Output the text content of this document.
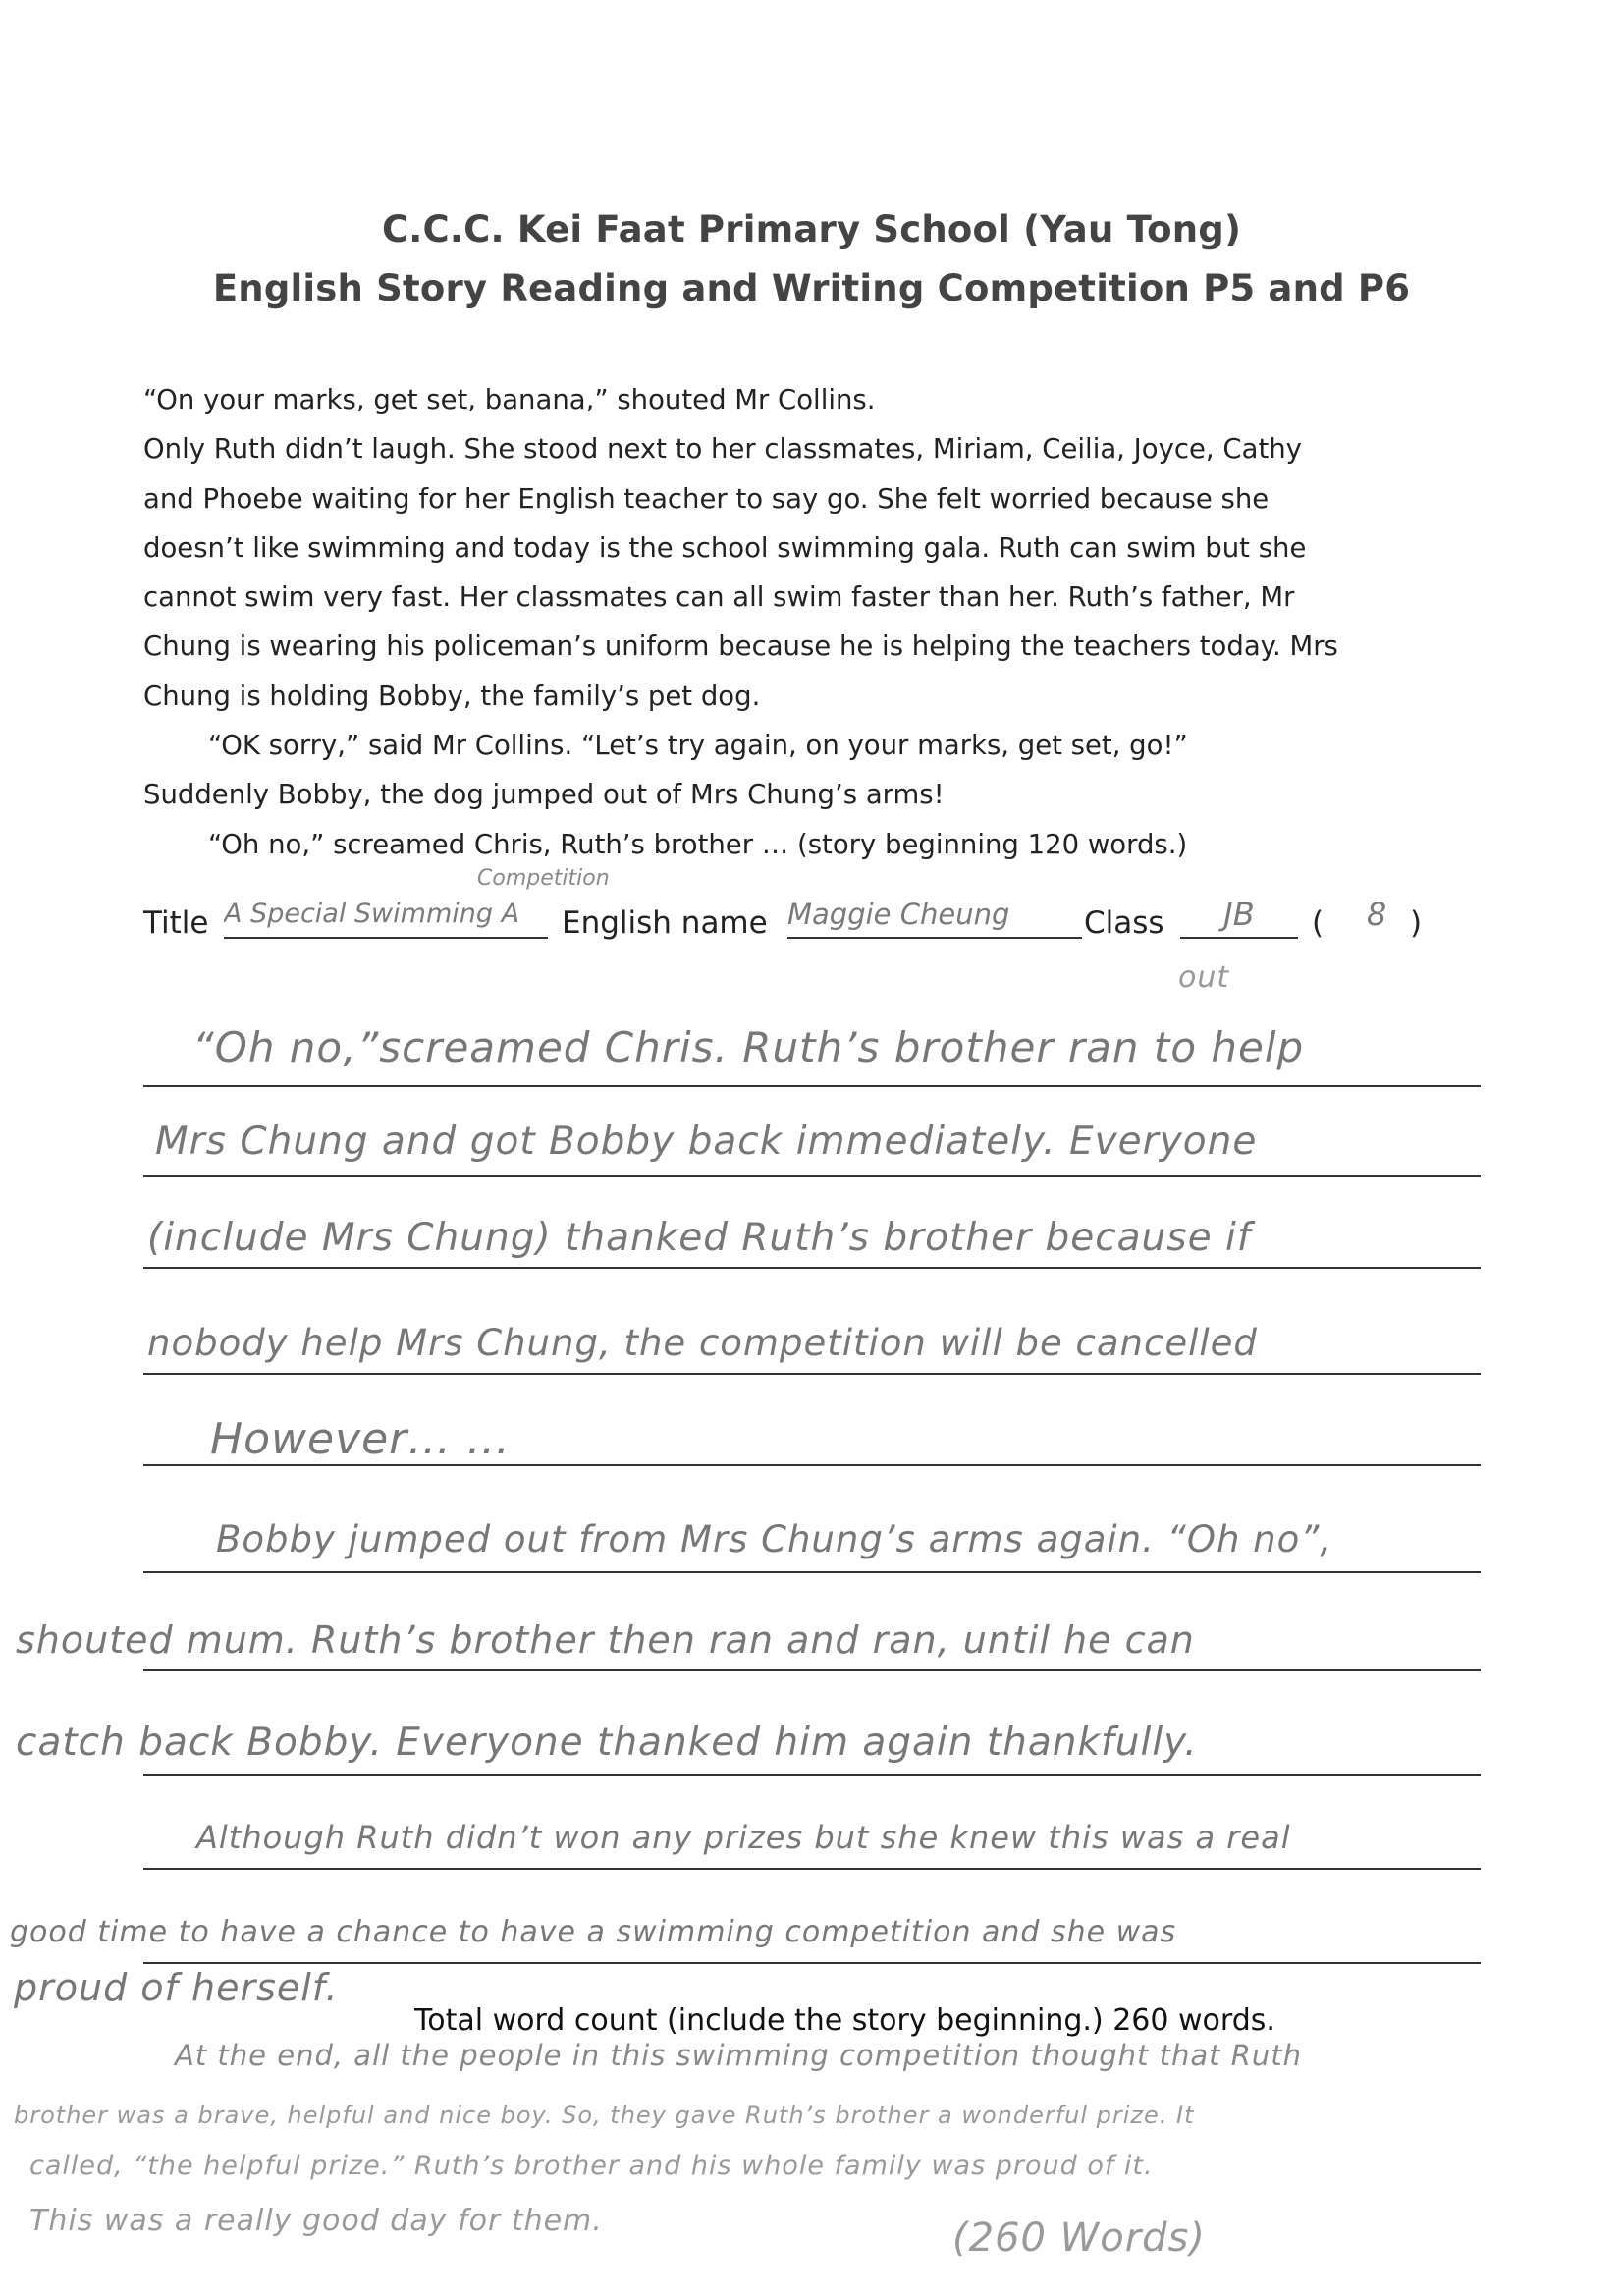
C.C.C. Kei Faat Primary School (Yau Tong)
English Story Reading and Writing Competition P5 and P6
“On your marks, get set, banana,” shouted Mr Collins.
Only Ruth didn’t laugh. She stood next to her classmates, Miriam, Ceilia, Joyce, Cathy
and Phoebe waiting for her English teacher to say go. She felt worried because she
doesn’t like swimming and today is the school swimming gala. Ruth can swim but she
cannot swim very fast. Her classmates can all swim faster than her. Ruth’s father, Mr
Chung is wearing his policeman’s uniform because he is helping the teachers today. Mrs
Chung is holding Bobby, the family’s pet dog.
“OK sorry,” said Mr Collins. “Let’s try again, on your marks, get set, go!”
Suddenly Bobby, the dog jumped out of Mrs Chung’s arms!
“Oh no,” screamed Chris, Ruth’s brother … (story beginning 120 words.)
Title
Competition
A Special Swimming A	English name Maggie Cheung	Class	JB	(	8 )
out
“Oh no,”screamed Chris. Ruth’s brother ran to help
Mrs Chung and got Bobby back immediately. Everyone
(include Mrs Chung) thanked Ruth’s brother because if
nobody help Mrs Chung, the competition will be cancelled
However… …
Bobby jumped out from Mrs Chung’s arms again. “Oh no”,
shouted mum. Ruth’s brother then ran and ran, until he can
catch back Bobby. Everyone thanked him again thankfully.
Although Ruth didn’t won any prizes but she knew this was a real
good time to have a chance to have a swimming competition and she was
proud of herself.
At the end, all the people in this swimming competition thought that Ruth
brother was a brave, helpful and nice boy. So, they gave Ruth’s brother a wonderful prize. It
called, “the helpful prize.” Ruth’s brother and his whole family was proud of it.
This was a really good day for them.	(260 Words)
Total word count (include the story beginning.) 260 words.
